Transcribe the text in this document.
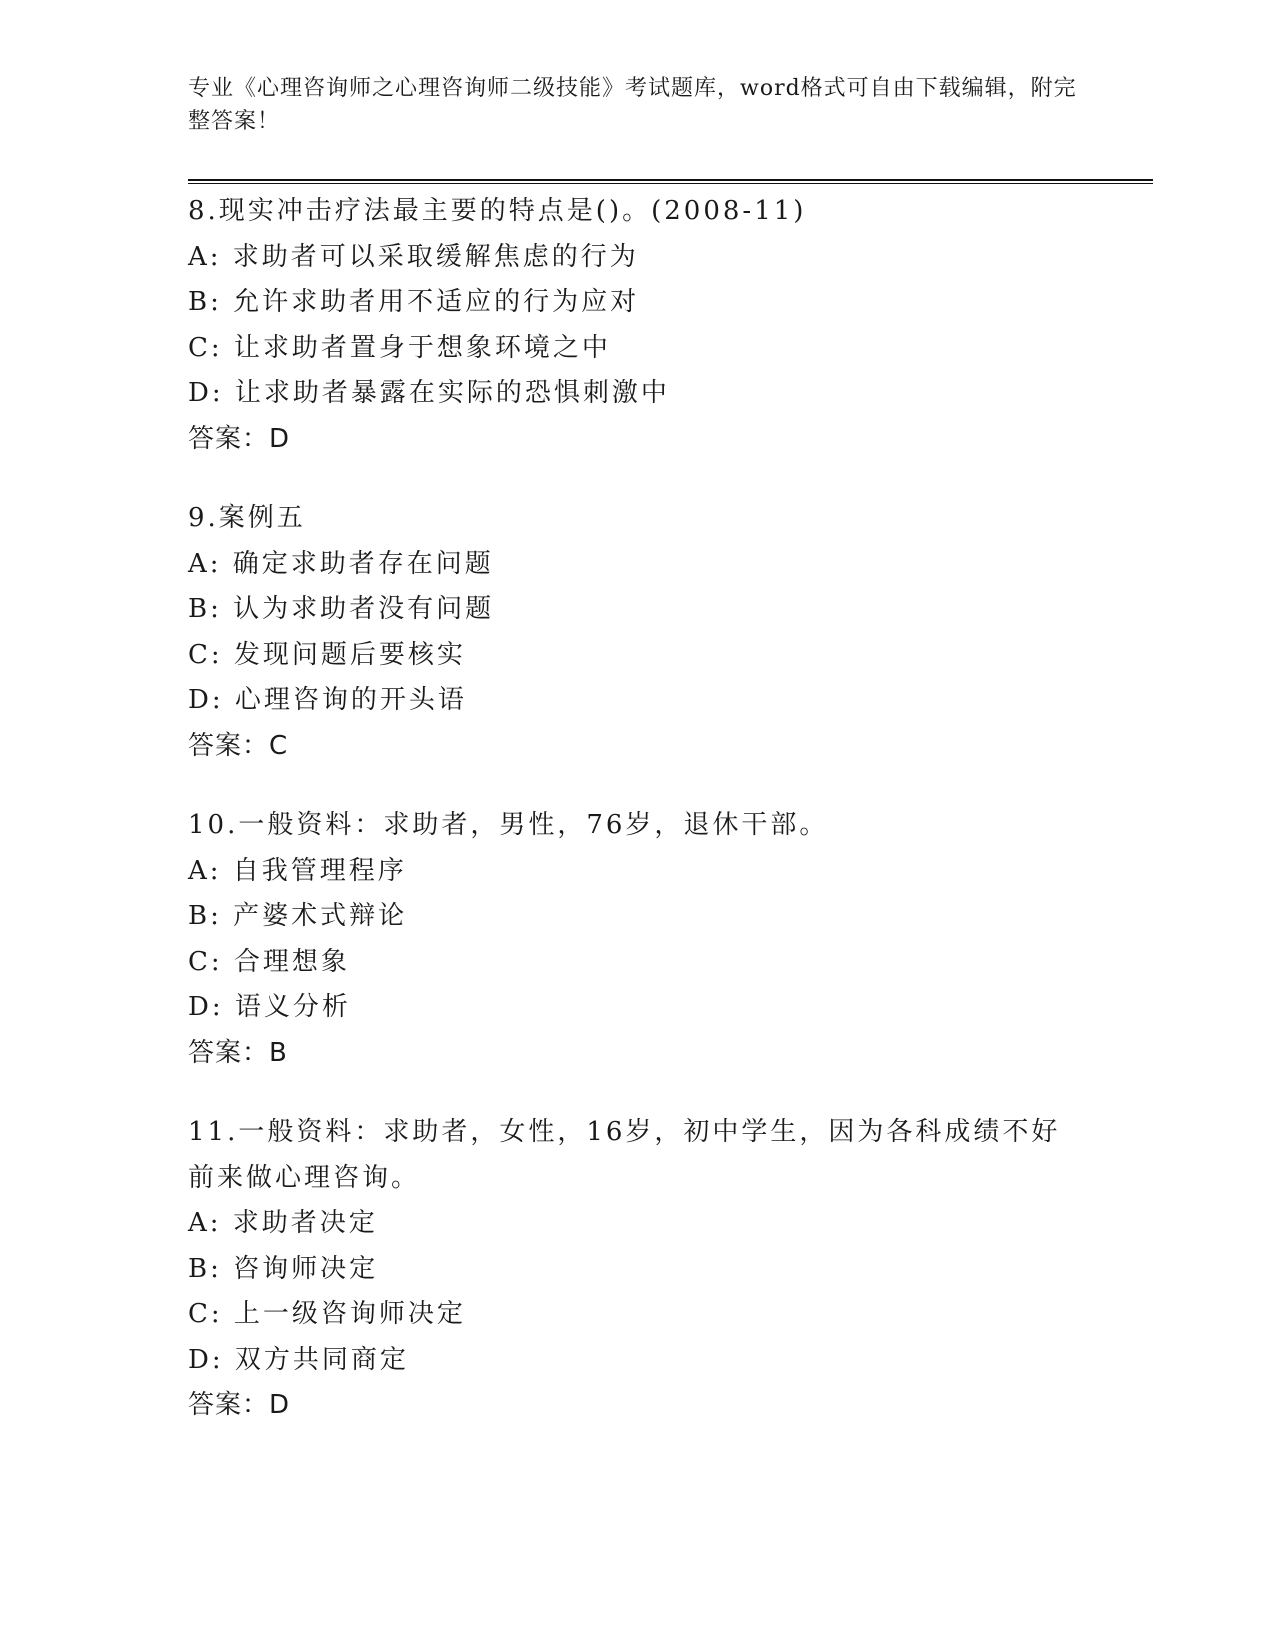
专业《心理咨询师之心理咨询师二级技能》考试题库，word格式可自由下载编辑，附完整答案！
8.现实冲击疗法最主要的特点是()。(2008-11)
A: 求助者可以采取缓解焦虑的行为
B: 允许求助者用不适应的行为应对
C: 让求助者置身于想象环境之中
D: 让求助者暴露在实际的恐惧刺激中
答案：D
9.案例五
A: 确定求助者存在问题
B: 认为求助者没有问题
C: 发现问题后要核实
D: 心理咨询的开头语
答案：C
10.一般资料：求助者，男性，76岁，退休干部。
A: 自我管理程序
B: 产婆术式辩论
C: 合理想象
D: 语义分析
答案：B
11.一般资料：求助者，女性，16岁，初中学生，因为各科成绩不好前来做心理咨询。
A: 求助者决定
B: 咨询师决定
C: 上一级咨询师决定
D: 双方共同商定
答案：D
